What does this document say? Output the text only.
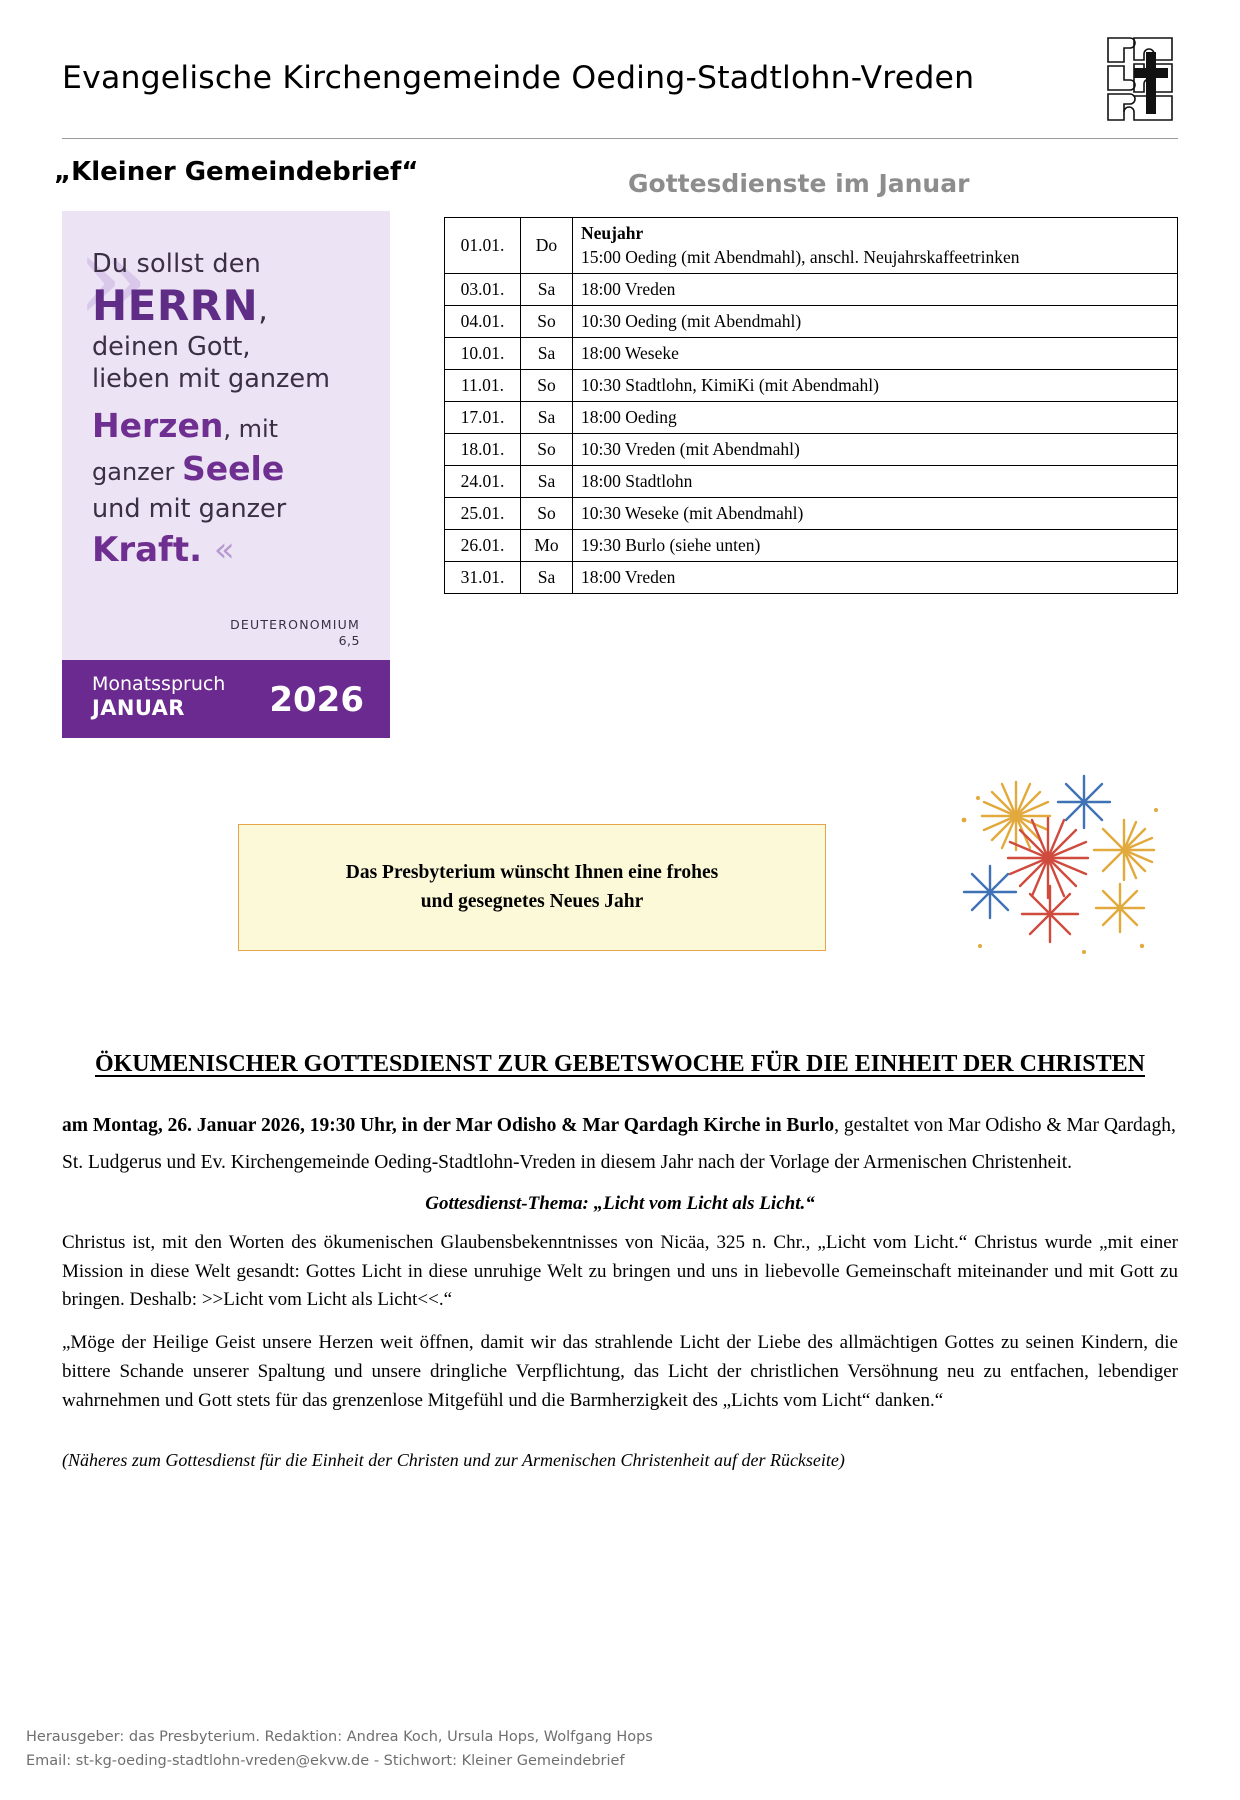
Evangelische Kirchengemeinde Oeding-Stadtlohn-Vreden
„Kleiner Gemeindebrief“	Gottesdienste im Januar
»
Du sollst den
HERRN,
deinen Gott,
lieben mit ganzem
Herzen, mit
ganzer Seele
und mit ganzer
Kraft. «
DEUTERONOMIUM
6,5
Monatsspruch
JANUAR	2026
01.01.	Do	Neujahr
15:00 Oeding (mit Abendmahl), anschl. Neujahrskaffeetrinken
03.01.	Sa	18:00 Vreden
04.01.	So	10:30 Oeding (mit Abendmahl)
10.01.	Sa	18:00 Weseke
11.01.	So	10:30 Stadtlohn, KimiKi (mit Abendmahl)
17.01.	Sa	18:00 Oeding
18.01.	So	10:30 Vreden (mit Abendmahl)
24.01.	Sa	18:00 Stadtlohn
25.01.	So	10:30 Weseke (mit Abendmahl)
26.01.	Mo	19:30 Burlo (siehe unten)
31.01.	Sa	18:00 Vreden
Das Presbyterium wünscht Ihnen eine frohes
und gesegnetes Neues Jahr
ÖKUMENISCHER GOTTESDIENST ZUR GEBETSWOCHE FÜR DIE EINHEIT DER CHRISTEN

am Montag, 26. Januar 2026, 19:30 Uhr, in der Mar Odisho & Mar Qardagh Kirche in Burlo, gestaltet von Mar Odisho & Mar Qardagh, St. Ludgerus und Ev. Kirchengemeinde Oeding-Stadtlohn-Vreden in diesem Jahr nach der Vorlage der Armenischen Christenheit.

Gottesdienst-Thema: „Licht vom Licht als Licht.“

Christus ist, mit den Worten des ökumenischen Glaubensbekenntnisses von Nicäa, 325 n. Chr., „Licht vom Licht.“ Christus wurde „mit einer Mission in diese Welt gesandt: Gottes Licht in diese unruhige Welt zu bringen und uns in liebevolle Gemeinschaft miteinander und mit Gott zu bringen. Deshalb: >>Licht vom Licht als Licht<<.“

„Möge der Heilige Geist unsere Herzen weit öffnen, damit wir das strahlende Licht der Liebe des allmächtigen Gottes zu seinen Kindern, die bittere Schande unserer Spaltung und unsere dringliche Verpflichtung, das Licht der christlichen Versöhnung neu zu entfachen, lebendiger wahrnehmen und Gott stets für das grenzenlose Mitgefühl und die Barmherzigkeit des „Lichts vom Licht“ danken.“

(Näheres zum Gottesdienst für die Einheit der Christen und zur Armenischen Christenheit auf der Rückseite)
Herausgeber: das Presbyterium. Redaktion: Andrea Koch, Ursula Hops, Wolfgang Hops
Email: st-kg-oeding-stadtlohn-vreden@ekvw.de - Stichwort: Kleiner Gemeindebrief
